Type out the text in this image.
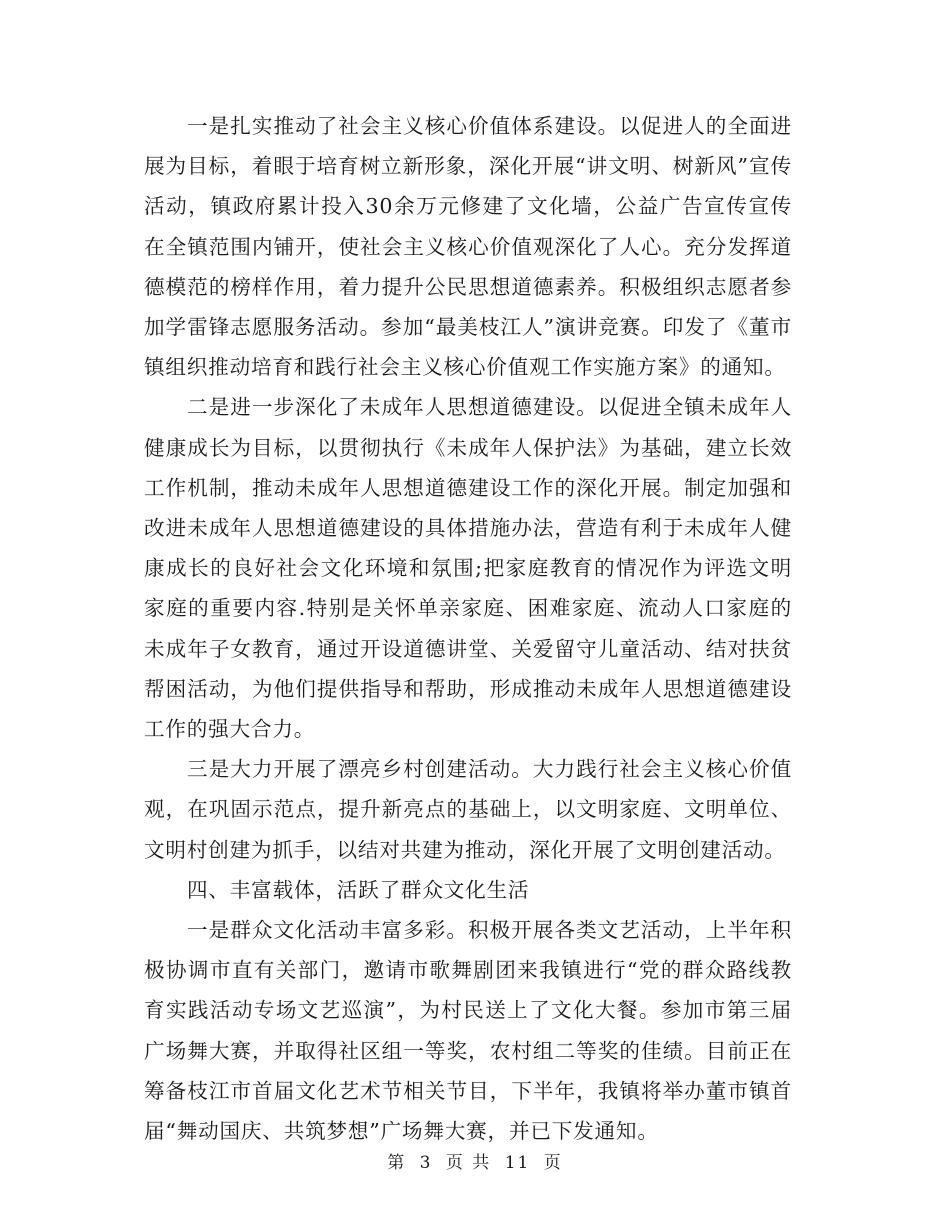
一是扎实推动了社会主义核心价值体系建设。以促进人的全面进展为目标，着眼于培育树立新形象，深化开展“讲文明、树新风”宣传活动，镇政府累计投入30余万元修建了文化墙，公益广告宣传宣传在全镇范围内铺开，使社会主义核心价值观深化了人心。充分发挥道德模范的榜样作用，着力提升公民思想道德素养。积极组织志愿者参加学雷锋志愿服务活动。参加“最美枝江人”演讲竞赛。印发了《董市镇组织推动培育和践行社会主义核心价值观工作实施方案》的通知。

二是进一步深化了未成年人思想道德建设。以促进全镇未成年人健康成长为目标，以贯彻执行《未成年人保护法》为基础，建立长效工作机制，推动未成年人思想道德建设工作的深化开展。制定加强和改进未成年人思想道德建设的具体措施办法，营造有利于未成年人健康成长的良好社会文化环境和氛围;把家庭教育的情况作为评选文明家庭的重要内容.特别是关怀单亲家庭、困难家庭、流动人口家庭的未成年子女教育，通过开设道德讲堂、关爱留守儿童活动、结对扶贫帮困活动，为他们提供指导和帮助，形成推动未成年人思想道德建设工作的强大合力。

三是大力开展了漂亮乡村创建活动。大力践行社会主义核心价值观，在巩固示范点，提升新亮点的基础上，以文明家庭、文明单位、文明村创建为抓手，以结对共建为推动，深化开展了文明创建活动。

四、丰富载体，活跃了群众文化生活

一是群众文化活动丰富多彩。积极开展各类文艺活动，上半年积极协调市直有关部门，邀请市歌舞剧团来我镇进行“党的群众路线教育实践活动专场文艺巡演”，为村民送上了文化大餐。参加市第三届广场舞大赛，并取得社区组一等奖，农村组二等奖的佳绩。目前正在筹备枝江市首届文化艺术节相关节目，下半年，我镇将举办董市镇首届“舞动国庆、共筑梦想”广场舞大赛，并已下发通知。

第 3 页 共 11 页
